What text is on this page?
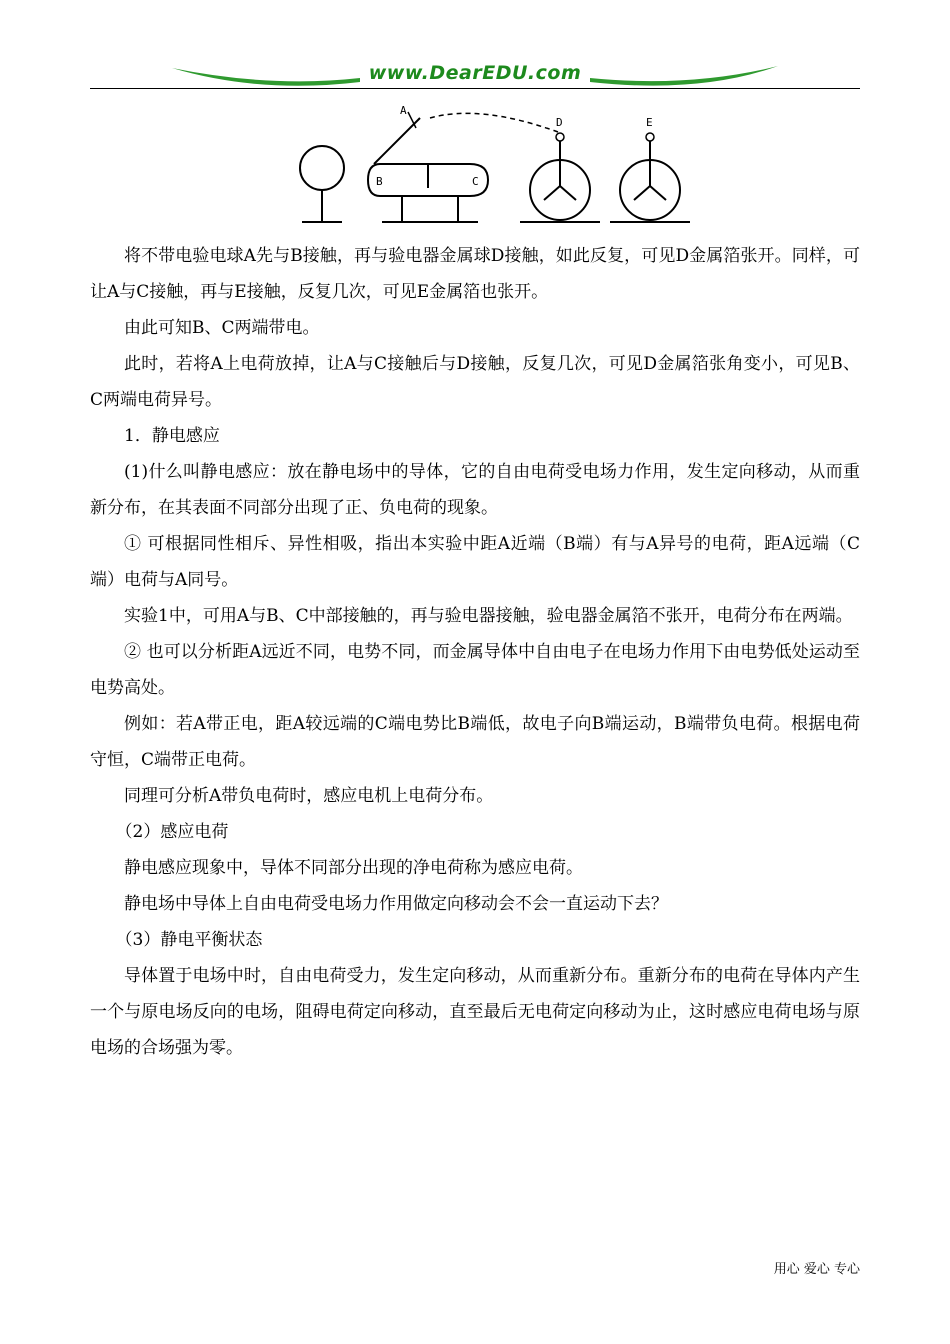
www.DearEDU.com
A
B	C
D	E

将不带电验电球A先与B接触，再与验电器金属球D接触，如此反复，可见D金属箔张开。同样，可让A与C接触，再与E接触，反复几次，可见E金属箔也张开。

由此可知B、C两端带电。

此时，若将A上电荷放掉，让A与C接触后与D接触，反复几次，可见D金属箔张角变小，可见B、C两端电荷异号。

1．静电感应

(1)什么叫静电感应：放在静电场中的导体，它的自由电荷受电场力作用，发生定向移动，从而重新分布，在其表面不同部分出现了正、负电荷的现象。

① 可根据同性相斥、异性相吸，指出本实验中距A近端（B端）有与A异号的电荷，距A远端（C端）电荷与A同号。

实验1中，可用A与B、C中部接触的，再与验电器接触，验电器金属箔不张开，电荷分布在两端。

② 也可以分析距A远近不同，电势不同，而金属导体中自由电子在电场力作用下由电势低处运动至电势高处。

例如：若A带正电，距A较远端的C端电势比B端低，故电子向B端运动，B端带负电荷。根据电荷守恒，C端带正电荷。

同理可分析A带负电荷时，感应电机上电荷分布。

（2）感应电荷

静电感应现象中，导体不同部分出现的净电荷称为感应电荷。

静电场中导体上自由电荷受电场力作用做定向移动会不会一直运动下去？

（3）静电平衡状态

导体置于电场中时，自由电荷受力，发生定向移动，从而重新分布。重新分布的电荷在导体内产生一个与原电场反向的电场，阻碍电荷定向移动，直至最后无电荷定向移动为止，这时感应电荷电场与原电场的合场强为零。

用心 爱心 专心
